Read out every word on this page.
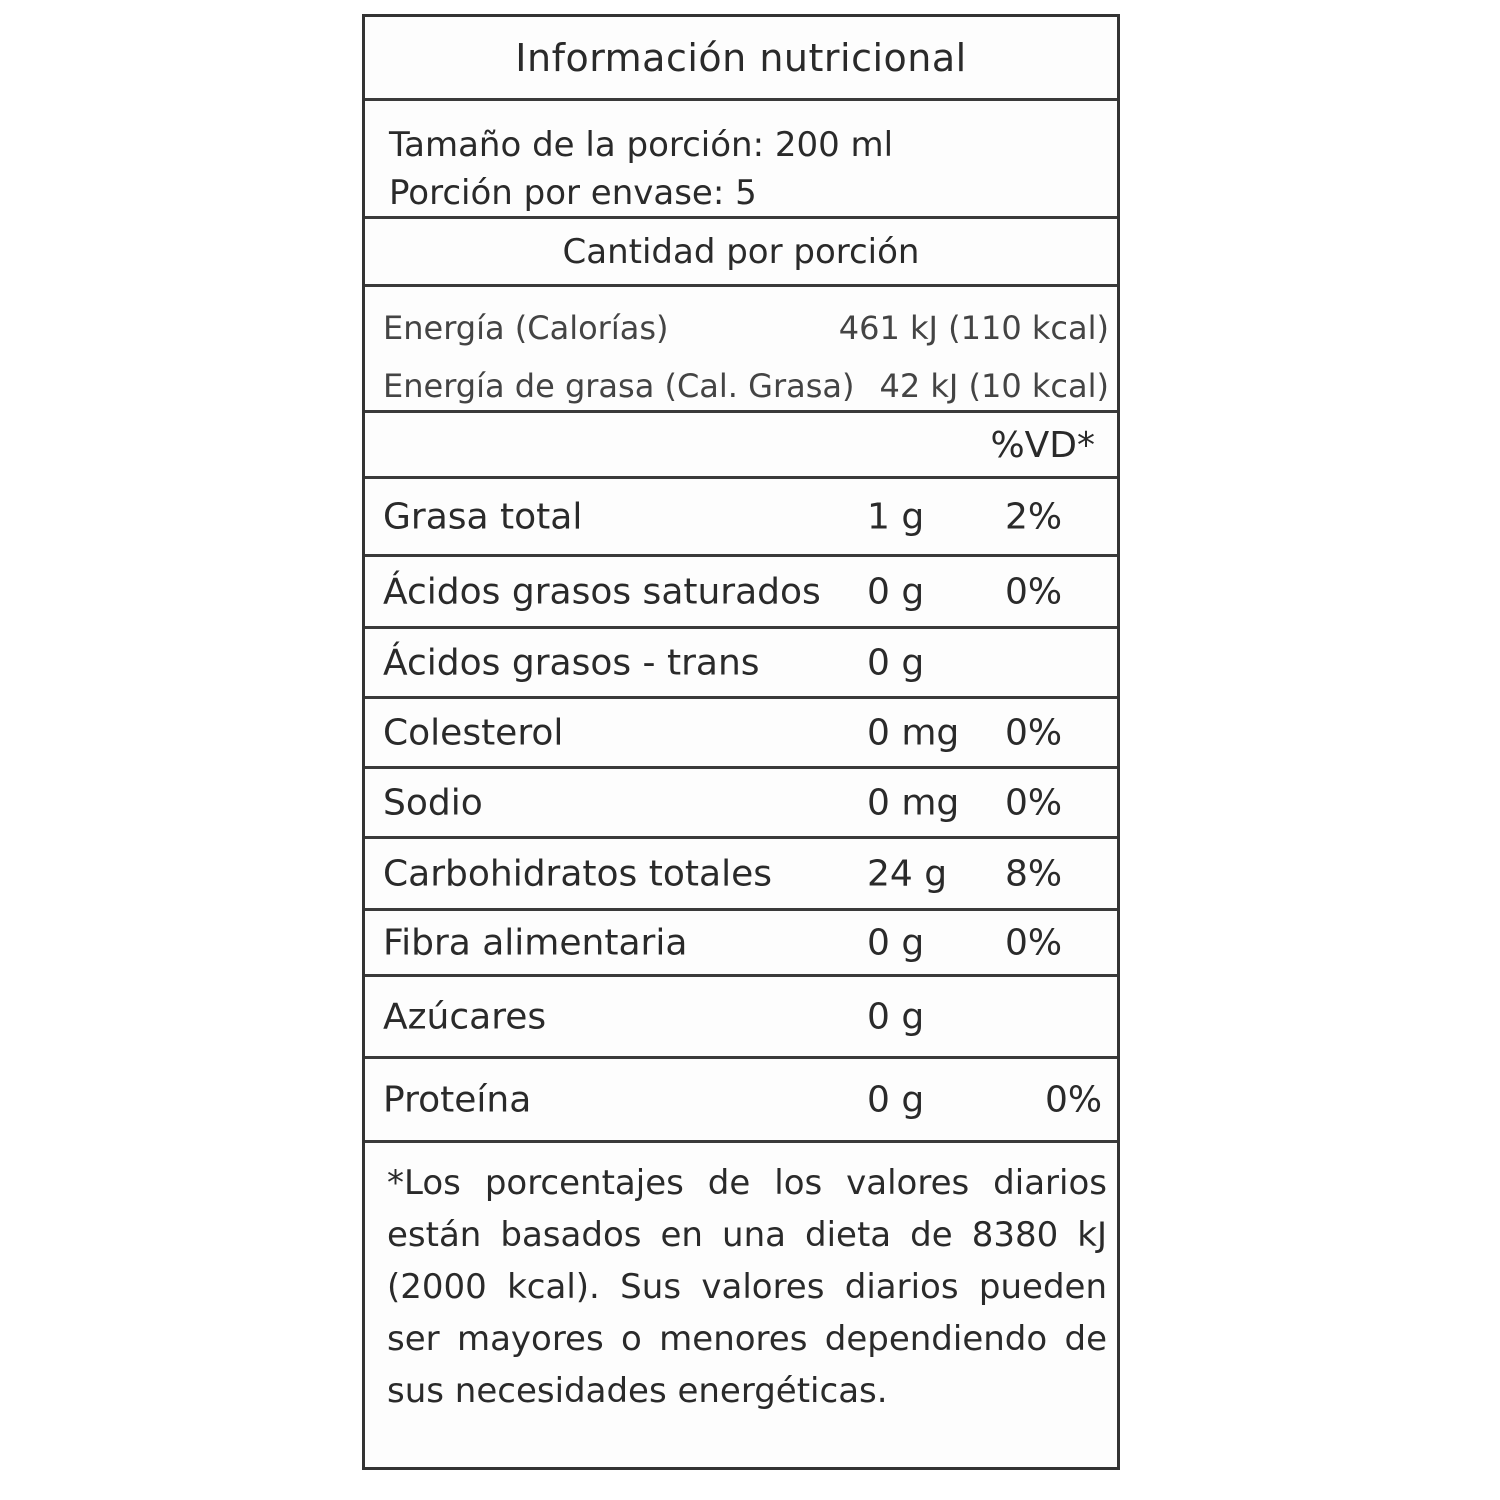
Información nutricional
Tamaño de la porción: 200 ml
Porción por envase: 5
Cantidad por porción
Energía (Calorías)	461 kJ (110 kcal)
Energía de grasa (Cal. Grasa) 42 kJ (10 kcal)
%VD*
Grasa total	1 g 2%
Ácidos grasos saturados 0 g 0%
Ácidos grasos - trans	0 g
Colesterol	0 mg 0%
Sodio	0 mg 0%
Carbohidratos totales	24 g 8%
Fibra alimentaria	0 g 0%
Azúcares	0 g
Proteína	0 g	0%

*Los porcentajes de los valores diarios están basados en una dieta de 8380 kJ (2000 kcal). Sus valores diarios pueden ser mayores o menores dependiendo de sus necesidades energéticas.
